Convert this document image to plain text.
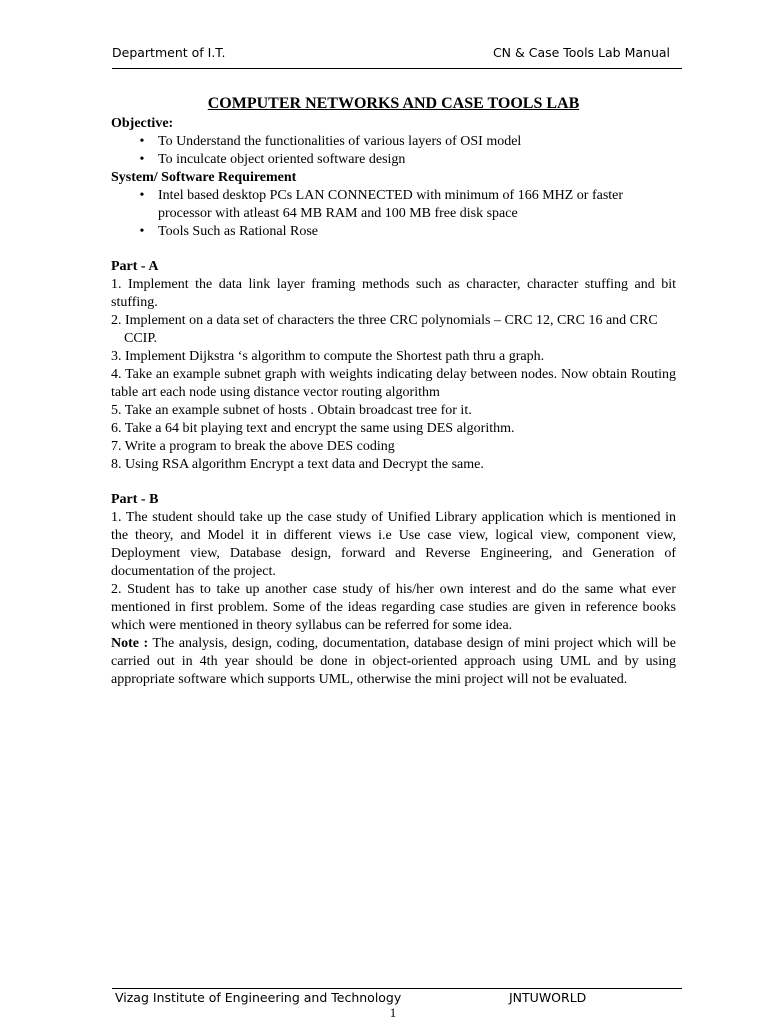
Department of I.T.	CN & Case Tools Lab Manual
COMPUTER NETWORKS AND CASE TOOLS LAB
Objective:
• To Understand the functionalities of various layers of OSI model
• To inculcate object oriented software design
System/ Software Requirement
• Intel based desktop PCs LAN CONNECTED with minimum of 166 MHZ or faster processor with atleast 64 MB RAM and 100 MB free disk space
• Tools Such as Rational Rose
Part - A
1. Implement the data link layer framing methods such as character, character stuffing and bit stuffing.
2. Implement on a data set of characters the three CRC polynomials – CRC 12, CRC 16 and CRC CCIP.
3. Implement Dijkstra ‘s algorithm to compute the Shortest path thru a graph.
4. Take an example subnet graph with weights indicating delay between nodes. Now obtain Routing table art each node using distance vector routing algorithm
5. Take an example subnet of hosts . Obtain broadcast tree for it.
6. Take a 64 bit playing text and encrypt the same using DES algorithm.
7. Write a program to break the above DES coding
8. Using RSA algorithm Encrypt a text data and Decrypt the same.
Part - B
1. The student should take up the case study of Unified Library application which is mentioned in the theory, and Model it in different views i.e Use case view, logical view, component view, Deployment view, Database design, forward and Reverse Engineering, and Generation of documentation of the project.
2. Student has to take up another case study of his/her own interest and do the same what ever mentioned in first problem. Some of the ideas regarding case studies are given in reference books which were mentioned in theory syllabus can be referred for some idea.
Note : The analysis, design, coding, documentation, database design of mini project which will be carried out in 4th year should be done in object-oriented approach using UML and by using appropriate software which supports UML, otherwise the mini project will not be evaluated.
Vizag Institute of Engineering and Technology	JNTUWORLD
1
